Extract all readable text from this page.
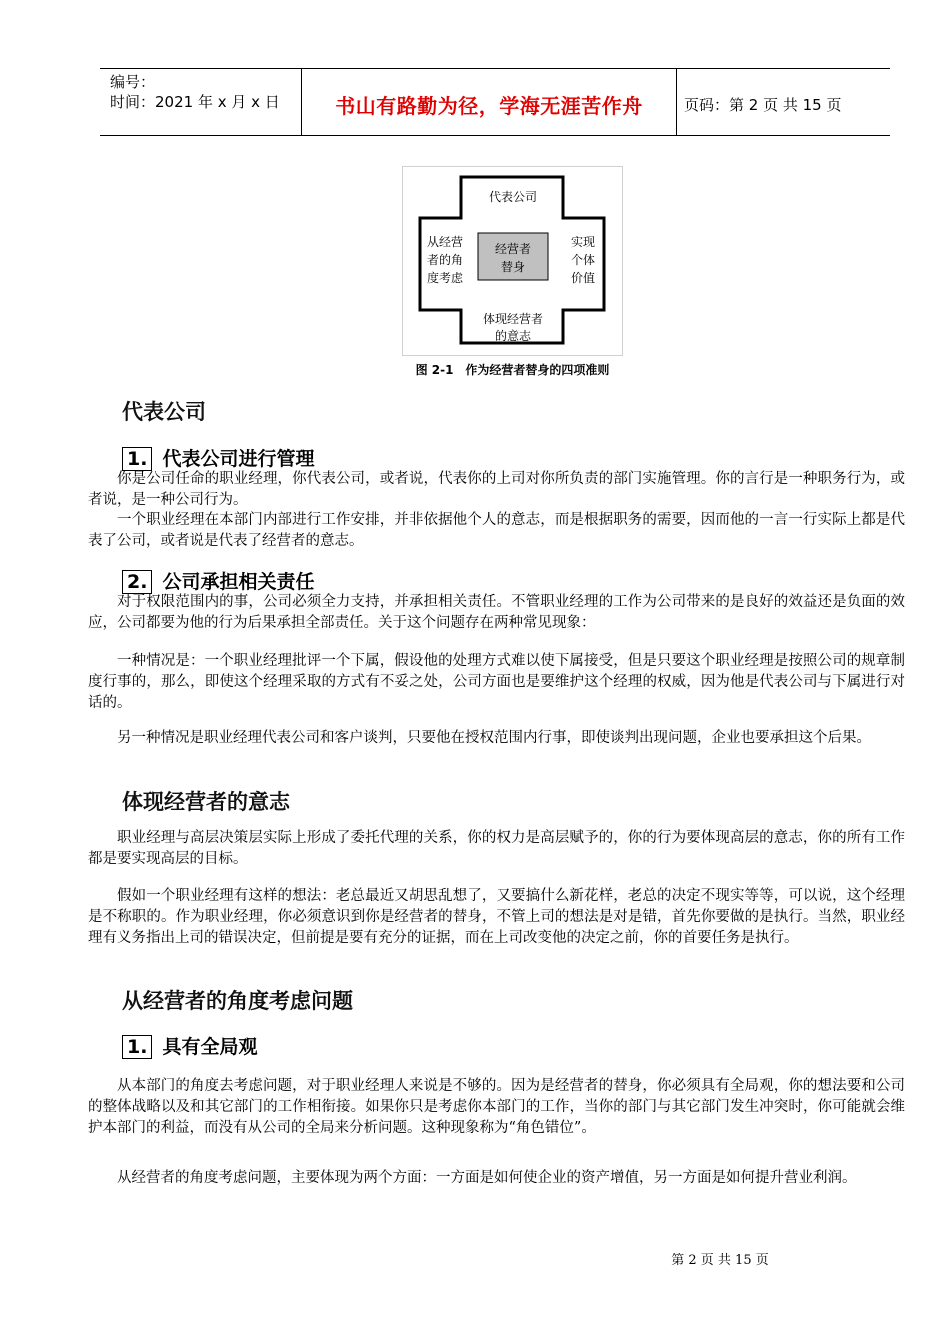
编号：
时间：2021 年 x 月 x 日	书山有路勤为径，学海无涯苦作舟	页码：第 2 页 共 15 页
代表公司
从经营
者的角
度考虑
经营者
替身
实现
个体
价值
体现经营者
的意志
图 2-1　作为经营者替身的四项准则
代表公司
1. 代表公司进行管理
你是公司任命的职业经理，你代表公司，或者说，代表你的上司对你所负责的部门实施管理。你的言行是一种职务行为，或者说，是一种公司行为。
一个职业经理在本部门内部进行工作安排，并非依据他个人的意志，而是根据职务的需要，因而他的一言一行实际上都是代表了公司，或者说是代表了经营者的意志。
2. 公司承担相关责任
对于权限范围内的事，公司必须全力支持，并承担相关责任。不管职业经理的工作为公司带来的是良好的效益还是负面的效应，公司都要为他的行为后果承担全部责任。关于这个问题存在两种常见现象：
一种情况是：一个职业经理批评一个下属，假设他的处理方式难以使下属接受，但是只要这个职业经理是按照公司的规章制度行事的，那么，即使这个经理采取的方式有不妥之处，公司方面也是要维护这个经理的权威，因为他是代表公司与下属进行对话的。
另一种情况是职业经理代表公司和客户谈判，只要他在授权范围内行事，即使谈判出现问题，企业也要承担这个后果。
体现经营者的意志
职业经理与高层决策层实际上形成了委托代理的关系，你的权力是高层赋予的，你的行为要体现高层的意志，你的所有工作都是要实现高层的目标。
假如一个职业经理有这样的想法：老总最近又胡思乱想了，又要搞什么新花样，老总的决定不现实等等，可以说，这个经理是不称职的。作为职业经理，你必须意识到你是经营者的替身，不管上司的想法是对是错，首先你要做的是执行。当然，职业经理有义务指出上司的错误决定，但前提是要有充分的证据，而在上司改变他的决定之前，你的首要任务是执行。
从经营者的角度考虑问题
1. 具有全局观
从本部门的角度去考虑问题，对于职业经理人来说是不够的。因为是经营者的替身，你必须具有全局观，你的想法要和公司的整体战略以及和其它部门的工作相衔接。如果你只是考虑你本部门的工作，当你的部门与其它部门发生冲突时，你可能就会维护本部门的利益，而没有从公司的全局来分析问题。这种现象称为“角色错位”。
从经营者的角度考虑问题，主要体现为两个方面：一方面是如何使企业的资产增值，另一方面是如何提升营业利润。
第 2 页 共 15 页
